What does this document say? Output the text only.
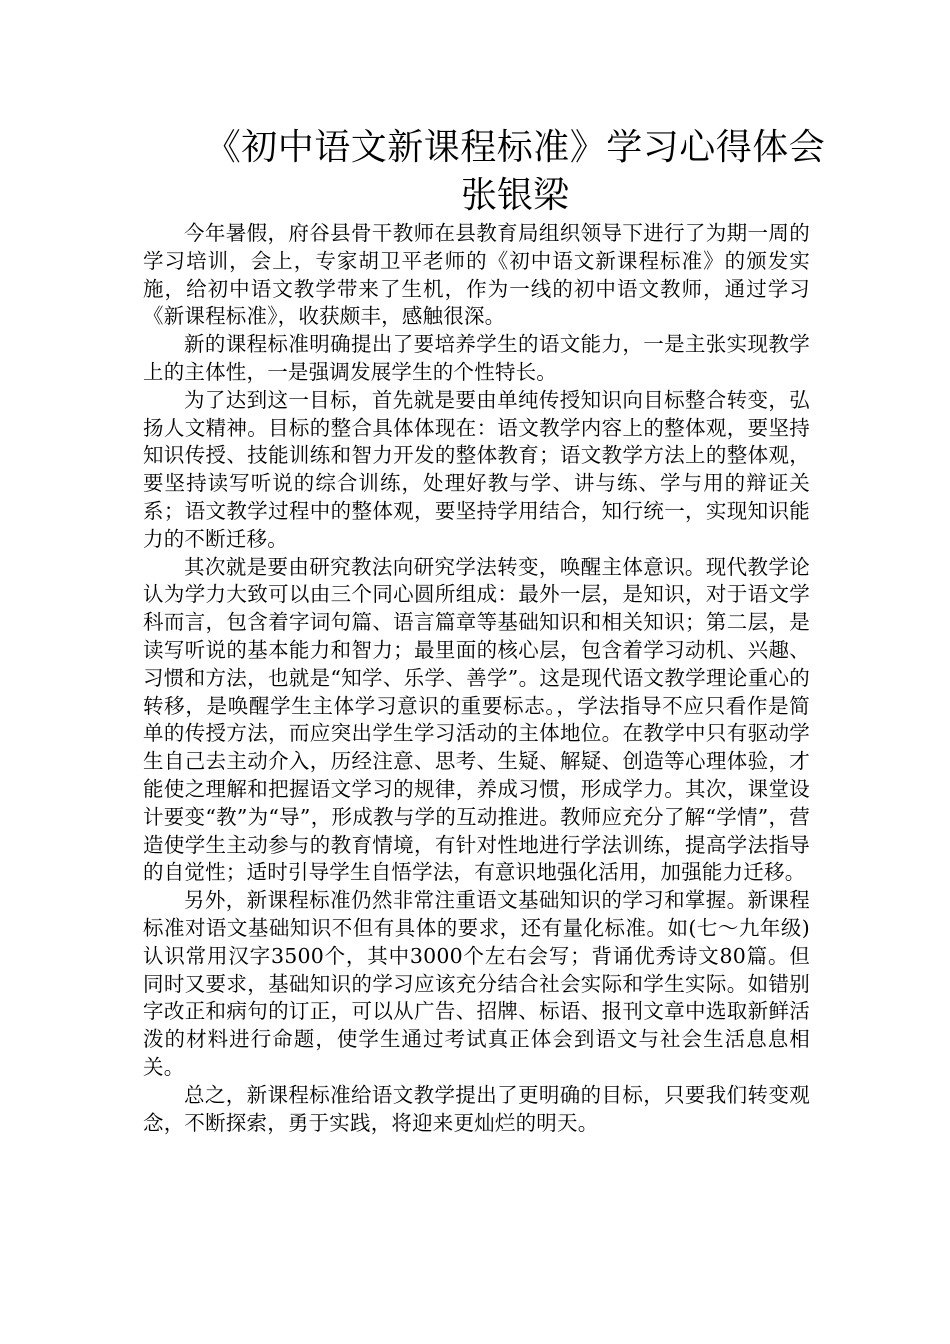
《初中语文新课程标准》学习心得体会
张银梁

今年暑假，府谷县骨干教师在县教育局组织领导下进行了为期一周的学习培训，会上，专家胡卫平老师的《初中语文新课程标准》的颁发实施，给初中语文教学带来了生机，作为一线的初中语文教师，通过学习《新课程标准》，收获颇丰，感触很深。

新的课程标准明确提出了要培养学生的语文能力，一是主张实现教学上的主体性，一是强调发展学生的个性特长。

为了达到这一目标，首先就是要由单纯传授知识向目标整合转变，弘扬人文精神。目标的整合具体体现在：语文教学内容上的整体观，要坚持知识传授、技能训练和智力开发的整体教育；语文教学方法上的整体观，要坚持读写听说的综合训练，处理好教与学、讲与练、学与用的辩证关系；语文教学过程中的整体观，要坚持学用结合，知行统一，实现知识能力的不断迁移。

其次就是要由研究教法向研究学法转变，唤醒主体意识。现代教学论认为学力大致可以由三个同心圆所组成：最外一层，是知识，对于语文学科而言，包含着字词句篇、语言篇章等基础知识和相关知识；第二层，是读写听说的基本能力和智力；最里面的核心层，包含着学习动机、兴趣、习惯和方法，也就是“知学、乐学、善学”。这是现代语文教学理论重心的转移，是唤醒学生主体学习意识的重要标志。，学法指导不应只看作是简单的传授方法，而应突出学生学习活动的主体地位。在教学中只有驱动学生自己去主动介入，历经注意、思考、生疑、解疑、创造等心理体验，才能使之理解和把握语文学习的规律，养成习惯，形成学力。其次，课堂设计要变“教”为“导”，形成教与学的互动推进。教师应充分了解“学情”，营造使学生主动参与的教育情境，有针对性地进行学法训练，提高学法指导的自觉性；适时引导学生自悟学法，有意识地强化活用，加强能力迁移。

另外，新课程标准仍然非常注重语文基础知识的学习和掌握。新课程标准对语文基础知识不但有具体的要求，还有量化标准。如(七～九年级)认识常用汉字3500个，其中3000个左右会写；背诵优秀诗文80篇。但同时又要求，基础知识的学习应该充分结合社会实际和学生实际。如错别字改正和病句的订正，可以从广告、招牌、标语、报刊文章中选取新鲜活泼的材料进行命题，使学生通过考试真正体会到语文与社会生活息息相关。

总之，新课程标准给语文教学提出了更明确的目标，只要我们转变观念，不断探索，勇于实践，将迎来更灿烂的明天。
